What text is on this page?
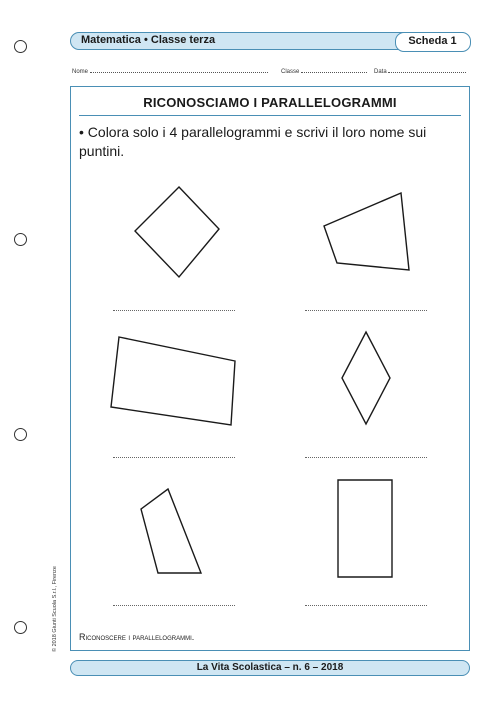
Matematica • Classe terza	Scheda 1
Nome	Classe	Data
RICONOSCIAMO I PARALLELOGRAMMI
• Colora solo i 4 parallelogrammi e scrivi il loro nome sui puntini.
Riconoscere i parallelogrammi.
© 2018 Giunti Scuola S.r.l., Firenze
La Vita Scolastica – n. 6 – 2018
